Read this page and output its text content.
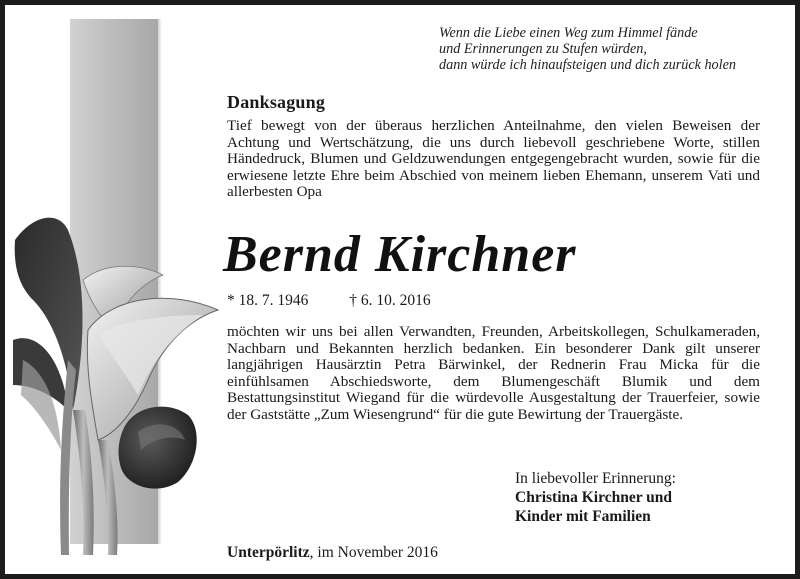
Wenn die Liebe einen Weg zum Himmel fände
und Erinnerungen zu Stufen würden,
dann würde ich hinaufsteigen und dich zurück holen
Danksagung
Tief bewegt von der überaus herzlichen Anteilnahme, den vielen Beweisen der Achtung und Wertschätzung, die uns durch liebevoll geschriebene Worte, stillen Händedruck, Blumen und Geldzuwendungen entgegengebracht wurden, sowie für die erwiesene letzte Ehre beim Abschied von meinem lieben Ehemann, unserem Vati und allerbesten Opa
Bernd Kirchner
* 18. 7. 1946	† 6. 10. 2016
möchten wir uns bei allen Verwandten, Freunden, Arbeitskollegen, Schulkameraden, Nachbarn und Bekannten herzlich bedanken. Ein besonderer Dank gilt unserer langjährigen Hausärztin Petra Bärwinkel, der Rednerin Frau Micka für die einfühlsamen Abschiedsworte, dem Blumengeschäft Blumik und dem Bestattungsinstitut Wiegand für die würdevolle Ausgestaltung der Trauerfeier, sowie der Gaststätte „Zum Wiesengrund“ für die gute Bewirtung der Trauergäste.
In liebevoller Erinnerung:
Christina Kirchner und
Kinder mit Familien
Unterpörlitz, im November 2016
